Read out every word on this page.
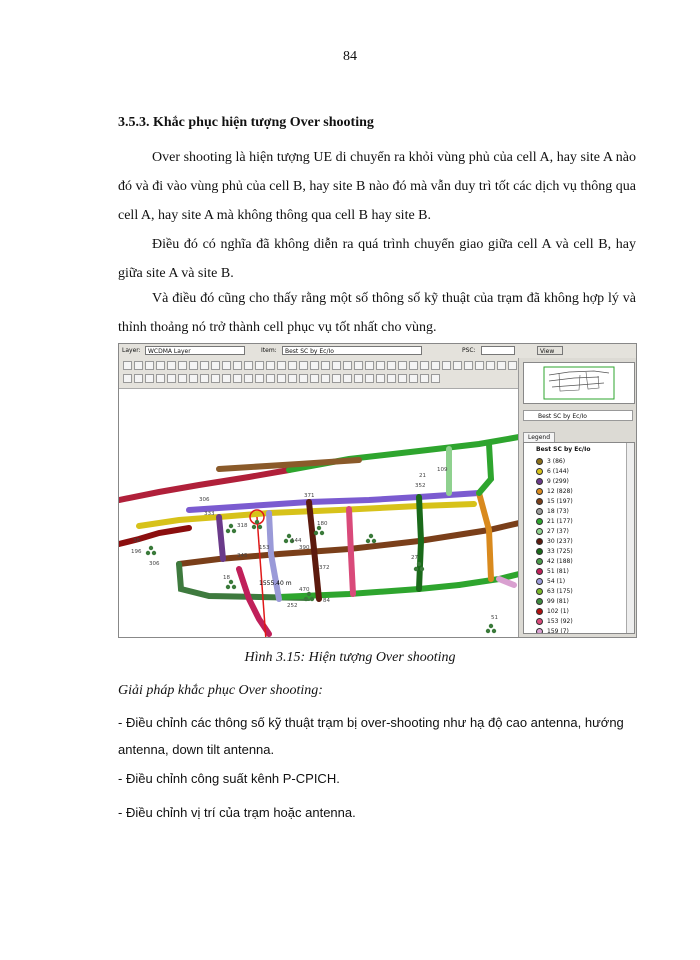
84
3.5.3. Khắc phục hiện tượng Over shooting
Over shooting là hiện tượng UE di chuyển ra khỏi vùng phủ của cell A, hay site A nào đó và đi vào vùng phủ của cell B, hay site B nào đó mà vẫn duy trì tốt các dịch vụ thông qua cell A, hay site A mà không thông qua cell B hay site B.
Điều đó có nghĩa đã không diễn ra quá trình chuyển giao giữa cell A và cell B, hay giữa site A và site B.
Và điều đó cũng cho thấy rằng một số thông số kỹ thuật của trạm đã không hợp lý và thỉnh thoảng nó trở thành cell phục vụ tốt nhất cho vùng.
Layer:	WCDMA Layer	Item:	Best SC by Ec/Io	PSC:	View
1555.40 m
333
306
371
21
109
352
38
196
318
153
144
180
390
18
345
372
470
27
84
252
306
51
Best SC by Ec/Io
Legend
Best SC by Ec/Io
3 (86)
6 (144)
9 (299)
12 (828)
15 (197)
18 (73)
21 (177)
27 (37)
30 (237)
33 (725)
42 (188)
51 (81)
54 (1)
63 (175)
99 (81)
102 (1)
153 (92)
159 (7)
Hình 3.15: Hiện tượng Over shooting
Giải pháp khắc phục Over shooting:
- Điều chỉnh các thông số kỹ thuật trạm bị over-shooting như hạ độ cao antenna, hướng antenna, down tilt antenna.
- Điều chỉnh công suất kênh P-CPICH.
- Điều chỉnh vị trí của trạm hoặc antenna.
